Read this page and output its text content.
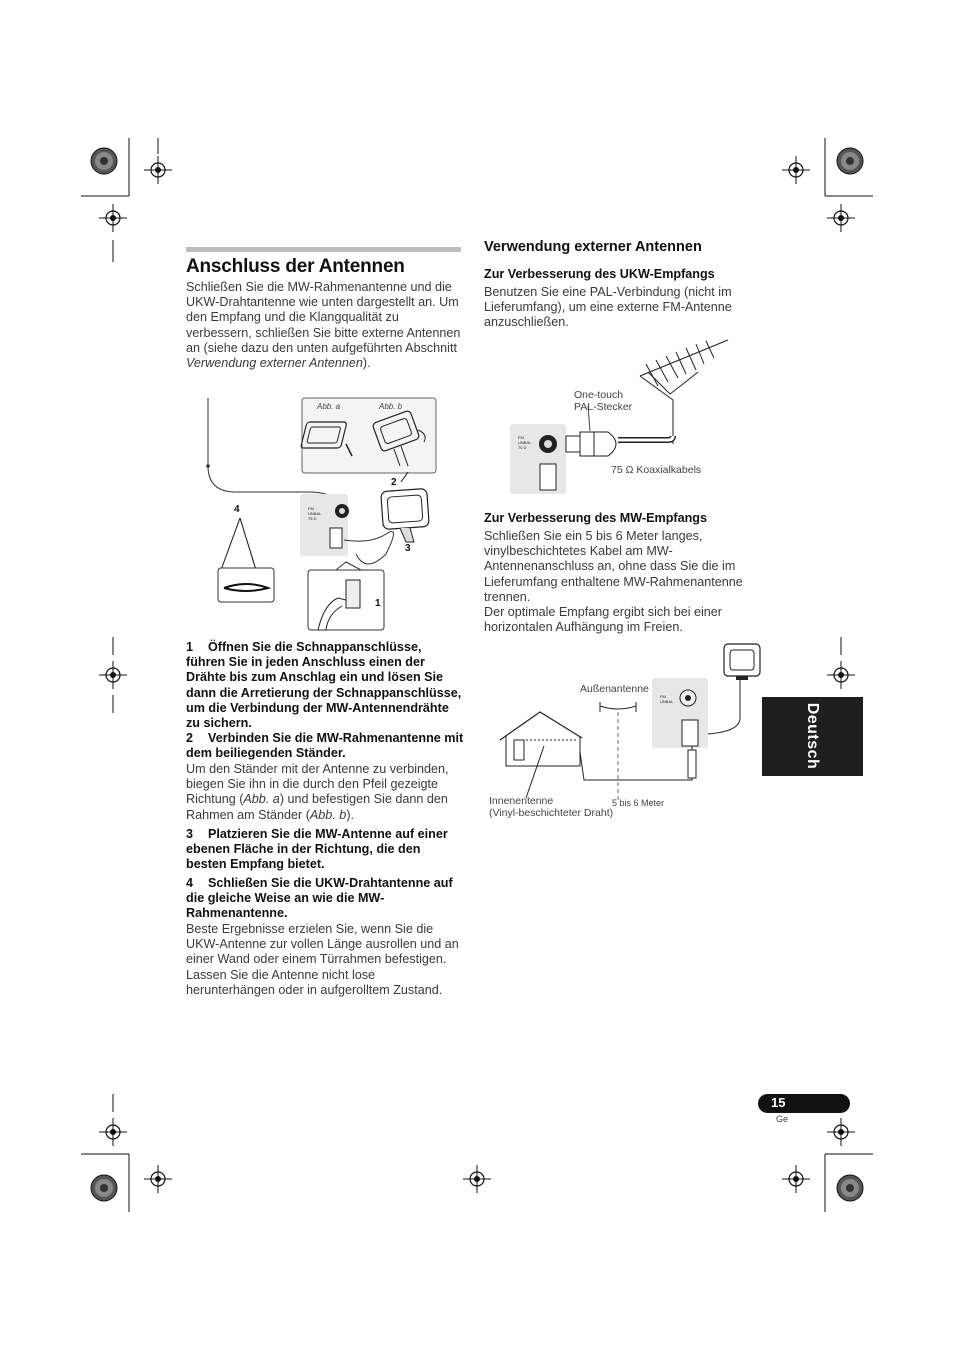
Anschluss der Antennen

Schließen Sie die MW-Rahmenantenne und die UKW-Drahtantenne wie unten dargestellt an. Um den Empfang und die Klangqualität zu verbessern, schließen Sie bitte externe Antennen an (siehe dazu den unten aufgeführten Abschnitt Verwendung externer Antennen).

FM
UNBAL
75 Ω
2
3
4
Abb. a	Abb. b
1
1 Öffnen Sie die Schnappanschlüsse, führen Sie in jeden Anschluss einen der Drähte bis zum Anschlag ein und lösen Sie dann die Arretierung der Schnappanschlüsse, um die Verbindung der MW-Antennendrähte zu sichern.
2 Verbinden Sie die MW-Rahmenantenne mit dem beiliegenden Ständer.

Um den Ständer mit der Antenne zu verbinden, biegen Sie ihn in die durch den Pfeil gezeigte Richtung (Abb. a) und befestigen Sie dann den Rahmen am Ständer (Abb. b).

3 Platzieren Sie die MW-Antenne auf einer ebenen Fläche in der Richtung, die den besten Empfang bietet.
4 Schließen Sie die UKW-Drahtantenne auf die gleiche Weise an wie die MW-Rahmenantenne.

Beste Ergebnisse erzielen Sie, wenn Sie die UKW-Antenne zur vollen Länge ausrollen und an einer Wand oder einem Türrahmen befestigen. Lassen Sie die Antenne nicht lose herunterhängen oder in aufgerolltem Zustand.

Verwendung externer Antennen
Zur Verbesserung des UKW-Empfangs

Benutzen Sie eine PAL-Verbindung (nicht im Lieferumfang), um eine externe FM-Antenne anzuschließen.

FM
UNBAL
75 Ω
One-touch
PAL-Stecker
75 Ω Koaxialkabels
Zur Verbesserung des MW-Empfangs

Schließen Sie ein 5 bis 6 Meter langes, vinylbeschichtetes Kabel am MW-Antennenanschluss an, ohne dass Sie die im Lieferumfang enthaltene MW-Rahmenantenne trennen.

Der optimale Empfang ergibt sich bei einer horizontalen Aufhängung im Freien.

FM
UNBAL
Außenantenne
Innenentenne
(Vinyl-beschichteter Draht)
5 bis 6 Meter
Deutsch
15
Ge
